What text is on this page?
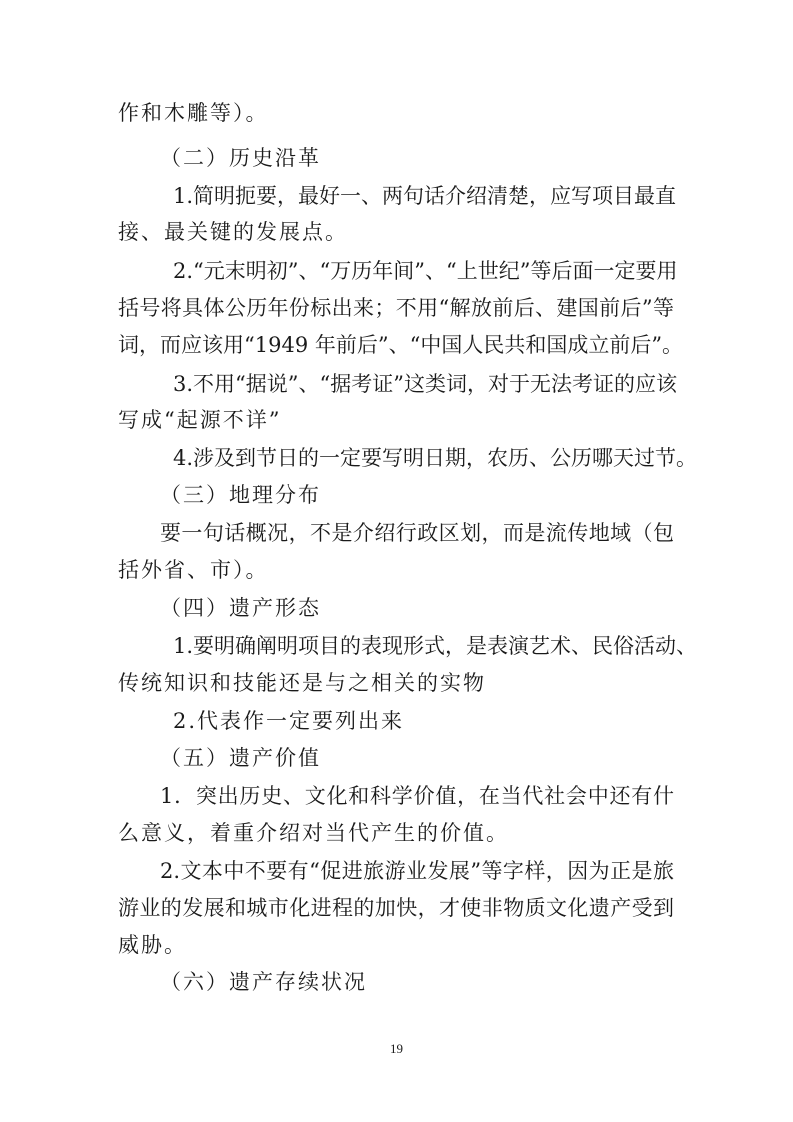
作和木雕等）。
（二）历史沿革
1.简明扼要，最好一、两句话介绍清楚，应写项目最直
接、最关键的发展点。
2.“元末明初”、“万历年间”、“上世纪”等后面一定要用
括号将具体公历年份标出来；不用“解放前后、建国前后”等
词，而应该用“1949 年前后”、“中国人民共和国成立前后”。
3.不用“据说”、“据考证”这类词，对于无法考证的应该
写成“起源不详”
4.涉及到节日的一定要写明日期，农历、公历哪天过节。
（三）地理分布
要一句话概况，不是介绍行政区划，而是流传地域（包
括外省、市）。
（四）遗产形态
1.要明确阐明项目的表现形式，是表演艺术、民俗活动、
传统知识和技能还是与之相关的实物
2.代表作一定要列出来
（五）遗产价值
1．突出历史、文化和科学价值，在当代社会中还有什
么意义，着重介绍对当代产生的价值。
2.文本中不要有“促进旅游业发展”等字样，因为正是旅
游业的发展和城市化进程的加快，才使非物质文化遗产受到
威胁。
（六）遗产存续状况
19
